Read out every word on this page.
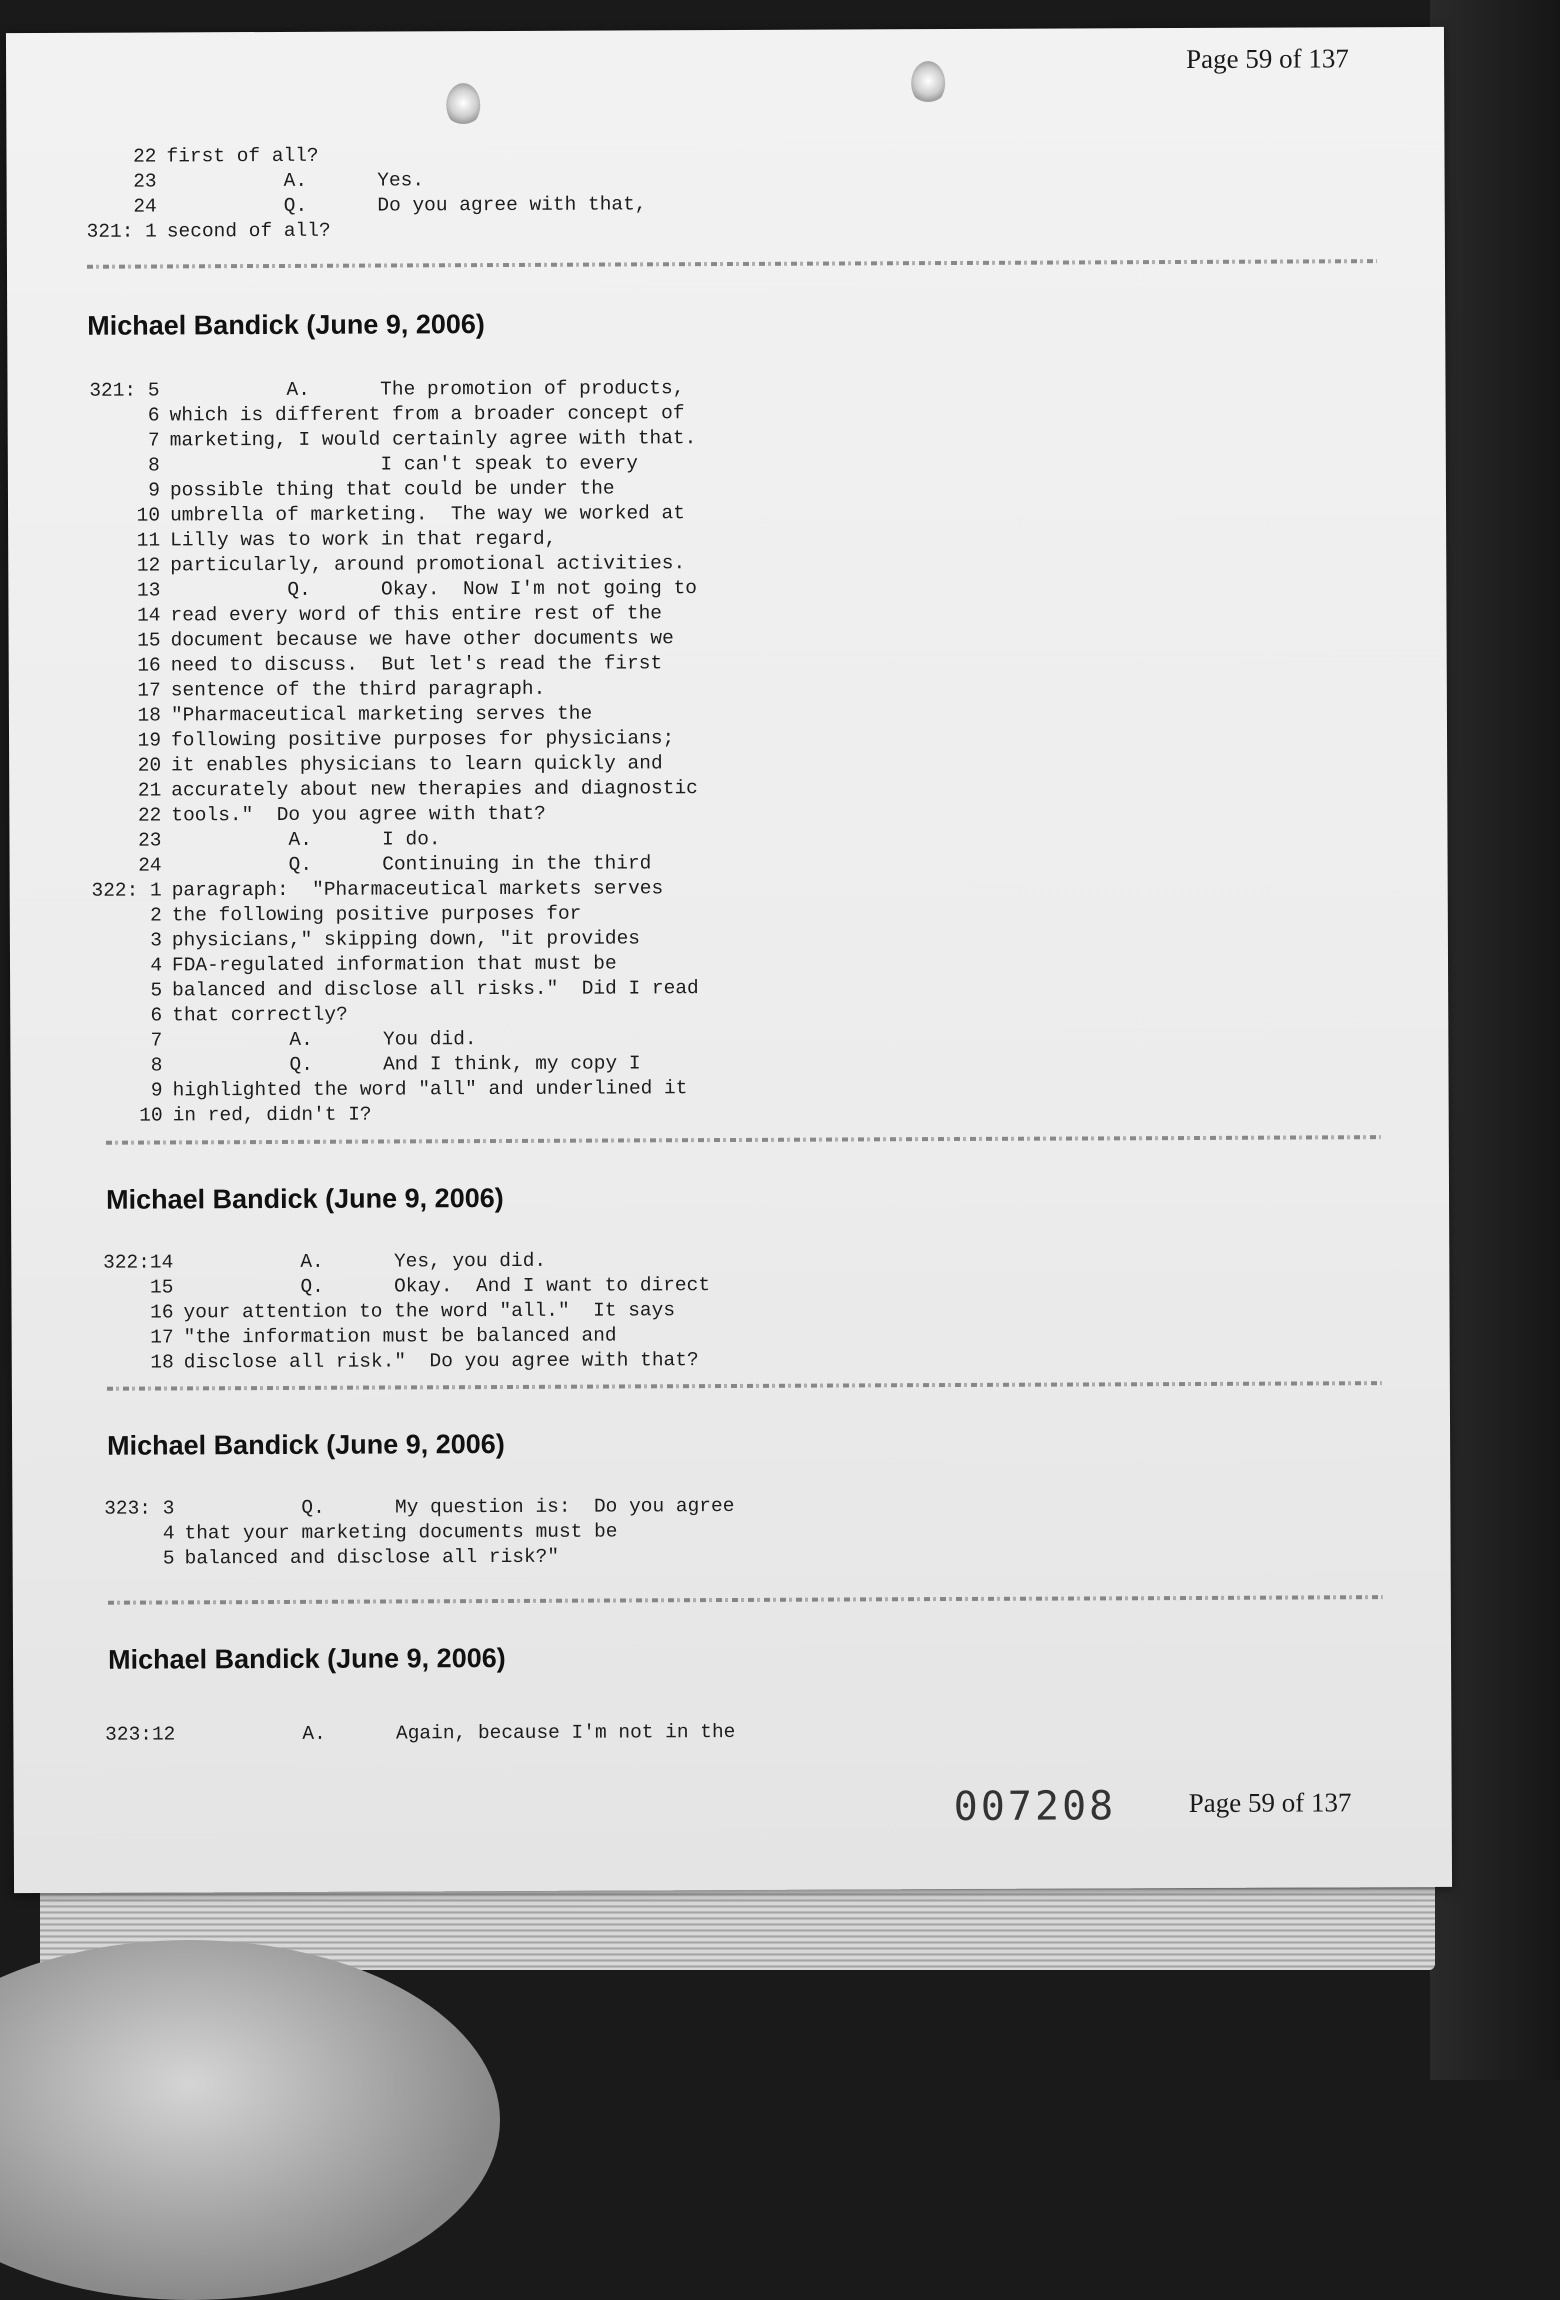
Page 59 of 137
22 first of all?
23 A.      Yes.
24 Q.      Do you agree with that,
321: 1 second of all?
Michael Bandick (June 9, 2006)
321: 5 A.      The promotion of products,
6 which is different from a broader concept of
7 marketing, I would certainly agree with that.
8 I can't speak to every
9 possible thing that could be under the
10 umbrella of marketing.  The way we worked at
11 Lilly was to work in that regard,
12 particularly, around promotional activities.
13 Q.      Okay.  Now I'm not going to
14 read every word of this entire rest of the
15 document because we have other documents we
16 need to discuss.  But let's read the first
17 sentence of the third paragraph.
18 "Pharmaceutical marketing serves the
19 following positive purposes for physicians;
20 it enables physicians to learn quickly and
21 accurately about new therapies and diagnostic
22 tools."  Do you agree with that?
23 A.      I do.
24 Q.      Continuing in the third
322: 1 paragraph:  "Pharmaceutical markets serves
2 the following positive purposes for
3 physicians," skipping down, "it provides
4 FDA-regulated information that must be
5 balanced and disclose all risks."  Did I read
6 that correctly?
7 A.      You did.
8 Q.      And I think, my copy I
9 highlighted the word "all" and underlined it
10 in red, didn't I?
Michael Bandick (June 9, 2006)
322:14 A.      Yes, you did.
15 Q.      Okay.  And I want to direct
16 your attention to the word "all."  It says
17 "the information must be balanced and
18 disclose all risk."  Do you agree with that?
Michael Bandick (June 9, 2006)
323: 3 Q.      My question is:  Do you agree
4 that your marketing documents must be
5 balanced and disclose all risk?"
Michael Bandick (June 9, 2006)
323:12 A.      Again, because I'm not in the
007208	Page 59 of 137
